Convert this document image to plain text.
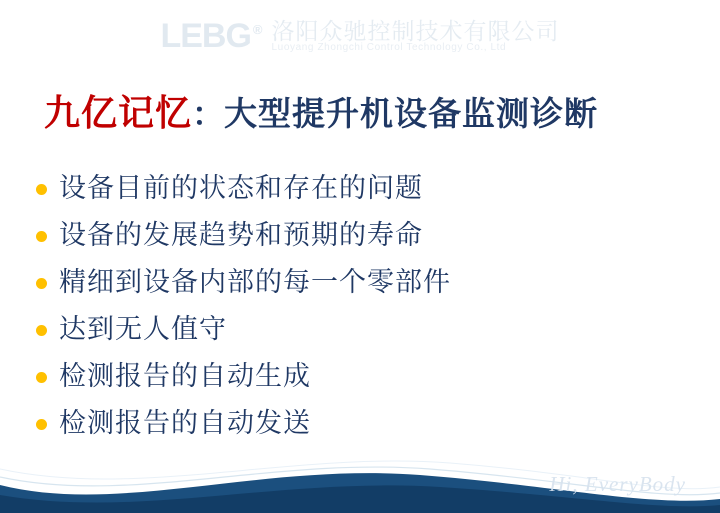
LEBG ® 洛阳众驰控制技术有限公司
Luoyang Zhongchi Control Technology Co., Ltd
九亿记忆：大型提升机设备监测诊断
设备目前的状态和存在的问题
设备的发展趋势和预期的寿命
精细到设备内部的每一个零部件
达到无人值守
检测报告的自动生成
检测报告的自动发送
Hi, EveryBody
